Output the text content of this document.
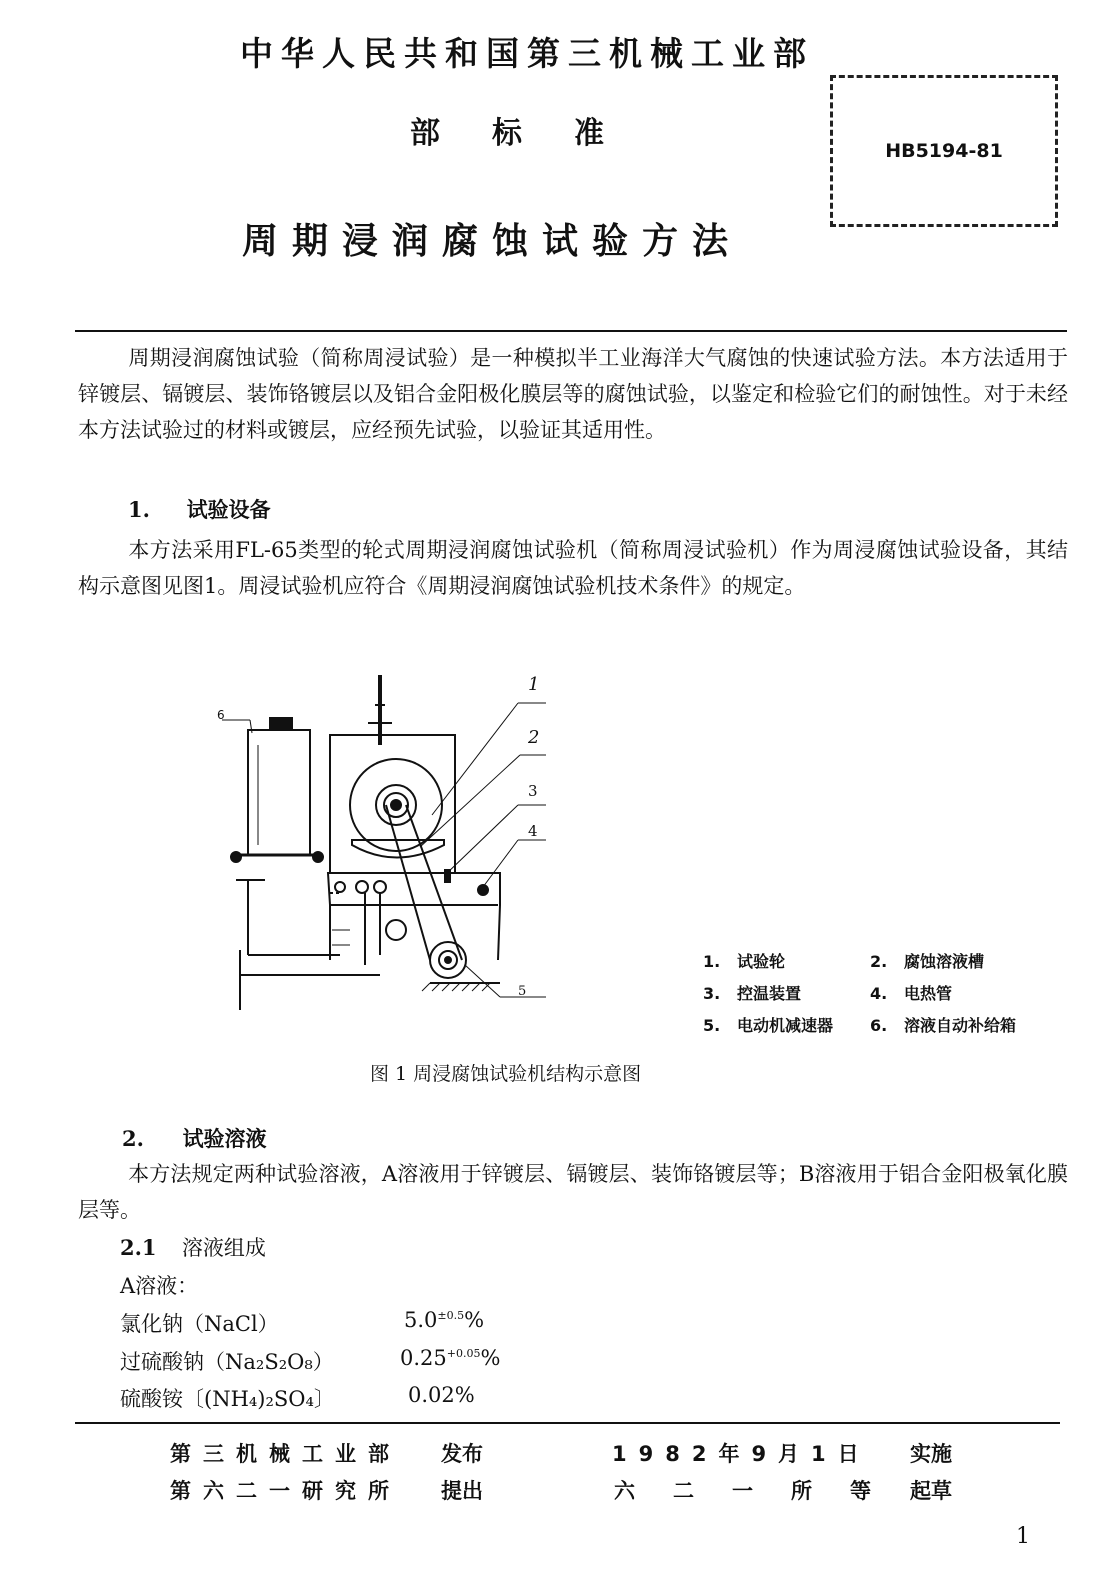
中华人民共和国第三机械工业部
部标准
周期浸润腐蚀试验方法
HB5194-81
周期浸润腐蚀试验（简称周浸试验）是一种模拟半工业海洋大气腐蚀的快速试验方法。本方法适用于锌镀层、镉镀层、装饰铬镀层以及铝合金阳极化膜层等的腐蚀试验，以鉴定和检验它们的耐蚀性。对于未经本方法试验过的材料或镀层，应经预先试验，以验证其适用性。
1. 试验设备
本方法采用FL-65类型的轮式周期浸润腐蚀试验机（简称周浸试验机）作为周浸腐蚀试验设备，其结构示意图见图1。周浸试验机应符合《周期浸润腐蚀试验机技术条件》的规定。
6
1
2
3
4
5
1. 试验轮	2. 腐蚀溶液槽
3. 控温装置	4. 电热管
5. 电动机减速器 6. 溶液自动补给箱
图 1 周浸腐蚀试验机结构示意图
2. 试验溶液
本方法规定两种试验溶液，A溶液用于锌镀层、镉镀层、装饰铬镀层等；B溶液用于铝合金阳极氧化膜层等。
2.1 溶液组成
A溶液：
氯化钠（NaCl）	$5.0^{\pm 0.5}\%$
过硫酸钠（Na₂S₂O₈）	$0.25^{+0.05}\%$
硫酸铵〔(NH₄)₂SO₄〕	0.02%
第三机械工业部 发布	1982年9月1日 实施
第六二一研究所 提出	六二一所等 起草
1
